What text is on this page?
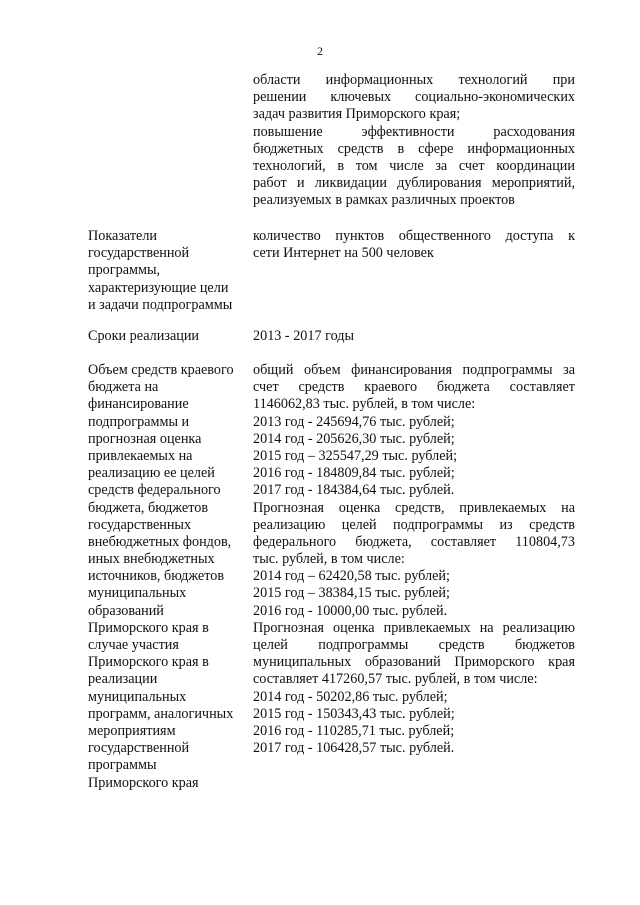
2
области информационных технологий при
решении ключевых социально-экономических
задач развития Приморского края;
повышение эффективности расходования
бюджетных средств в сфере информационных
технологий, в том числе за счет координации
работ и ликвидации дублирования мероприятий,
реализуемых в рамках различных проектов
Показатели
государственной
программы,
характеризующие цели
и задачи подпрограммы
количество пунктов общественного доступа к
сети Интернет на 500 человек
Сроки реализации	2013 - 2017 годы
Объем средств краевого
бюджета на
финансирование
подпрограммы и
прогнозная оценка
привлекаемых на
реализацию ее целей
средств федерального
бюджета, бюджетов
государственных
внебюджетных фондов,
иных внебюджетных
источников, бюджетов
муниципальных
образований
Приморского края в
случае участия
Приморского края в
реализации
муниципальных
программ, аналогичных
мероприятиям
государственной
программы
Приморского края
общий объем финансирования подпрограммы за
счет средств краевого бюджета составляет
1146062,83 тыс. рублей, в том числе:
2013 год - 245694,76 тыс. рублей;
2014 год - 205626,30 тыс. рублей;
2015 год – 325547,29 тыс. рублей;
2016 год - 184809,84 тыс. рублей;
2017 год - 184384,64 тыс. рублей.
Прогнозная оценка средств, привлекаемых на
реализацию целей подпрограммы из средств
федерального бюджета, составляет 110804,73
тыс. рублей, в том числе:
2014 год – 62420,58 тыс. рублей;
2015 год – 38384,15 тыс. рублей;
2016 год - 10000,00 тыс. рублей.
Прогнозная оценка привлекаемых на реализацию
целей подпрограммы средств бюджетов
муниципальных образований Приморского края
составляет 417260,57 тыс. рублей, в том числе:
2014 год - 50202,86 тыс. рублей;
2015 год - 150343,43 тыс. рублей;
2016 год - 110285,71 тыс. рублей;
2017 год - 106428,57 тыс. рублей.
